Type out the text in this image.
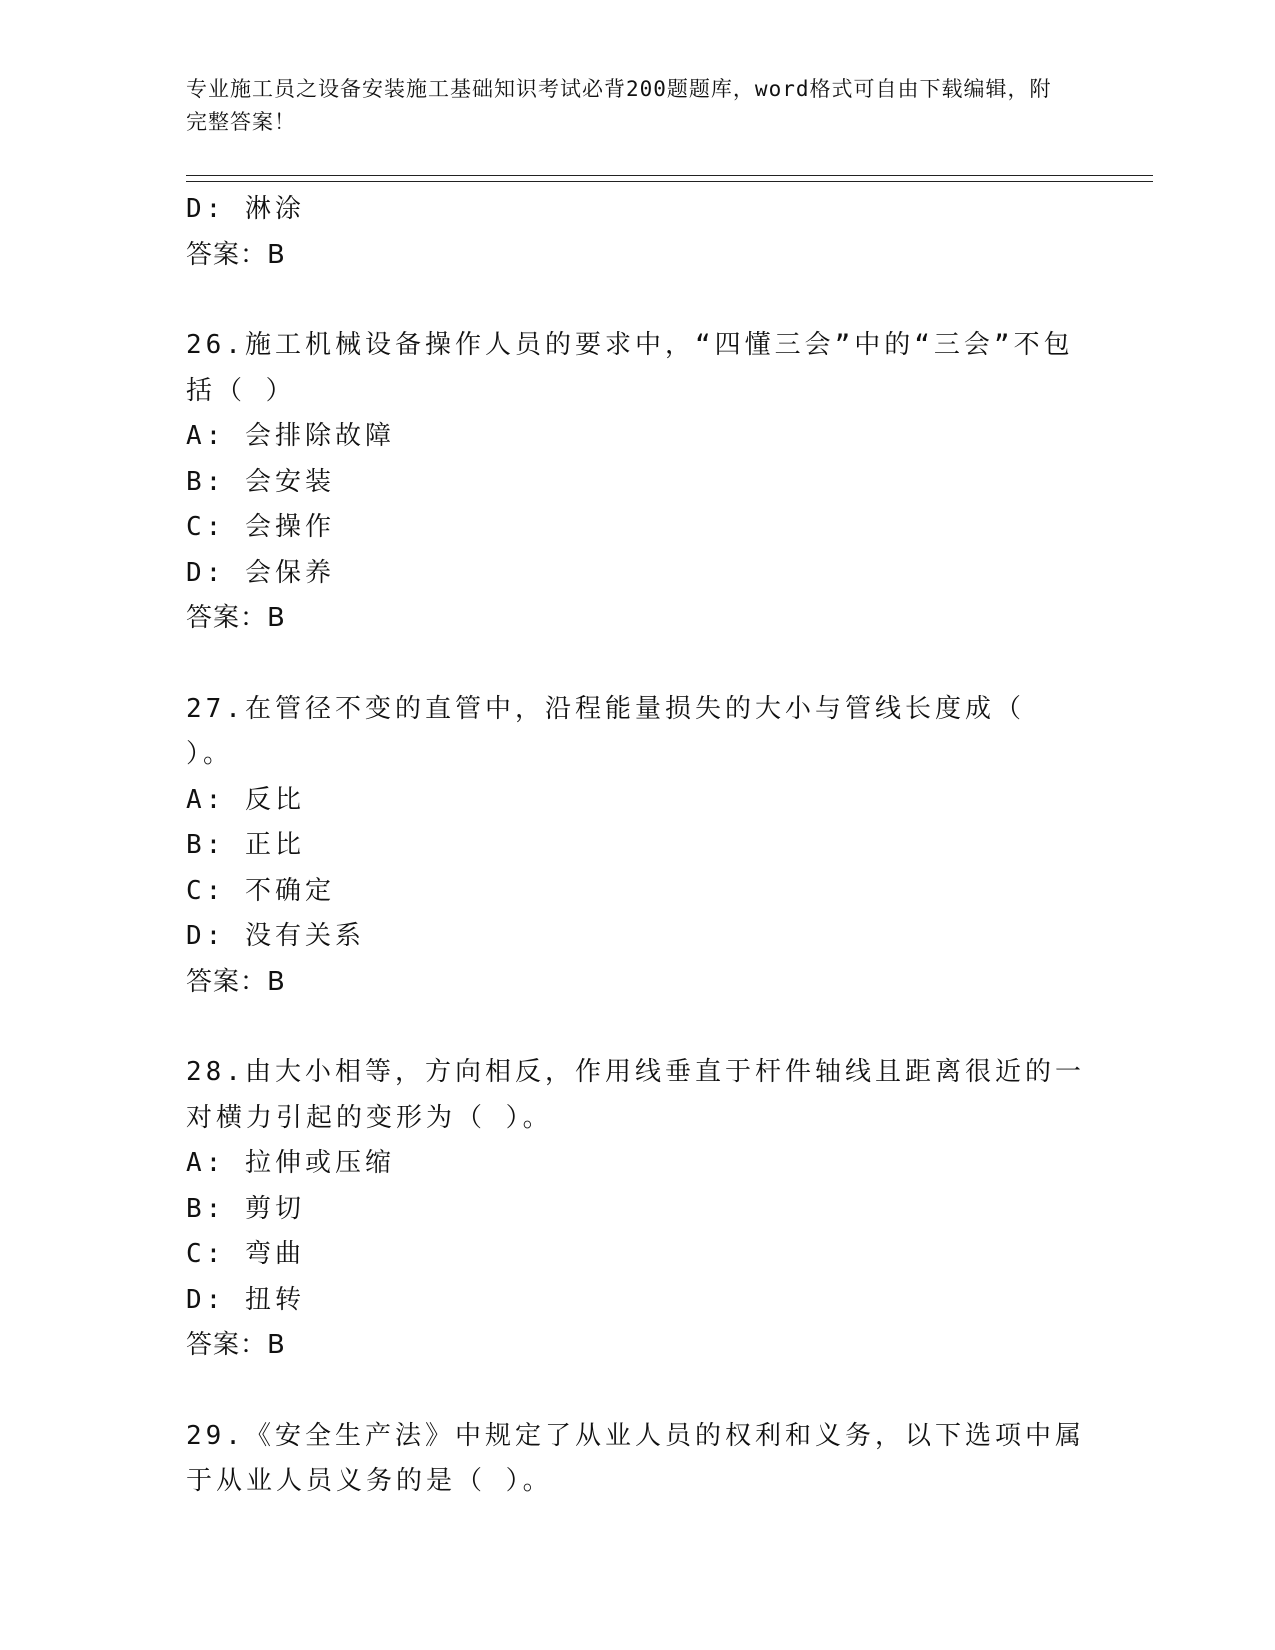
专业施工员之设备安装施工基础知识考试必背200题题库，word格式可自由下载编辑，附完整答案！
D: 淋涂
答案：B
26.施工机械设备操作人员的要求中，“四懂三会”中的“三会”不包括（ ）
A: 会排除故障
B: 会安装
C: 会操作
D: 会保养
答案：B
27.在管径不变的直管中，沿程能量损失的大小与管线长度成（ ）。
A: 反比
B: 正比
C: 不确定
D: 没有关系
答案：B
28.由大小相等，方向相反，作用线垂直于杆件轴线且距离很近的一对横力引起的变形为（ ）。
A: 拉伸或压缩
B: 剪切
C: 弯曲
D: 扭转
答案：B
29.《安全生产法》中规定了从业人员的权利和义务，以下选项中属于从业人员义务的是（ ）。
